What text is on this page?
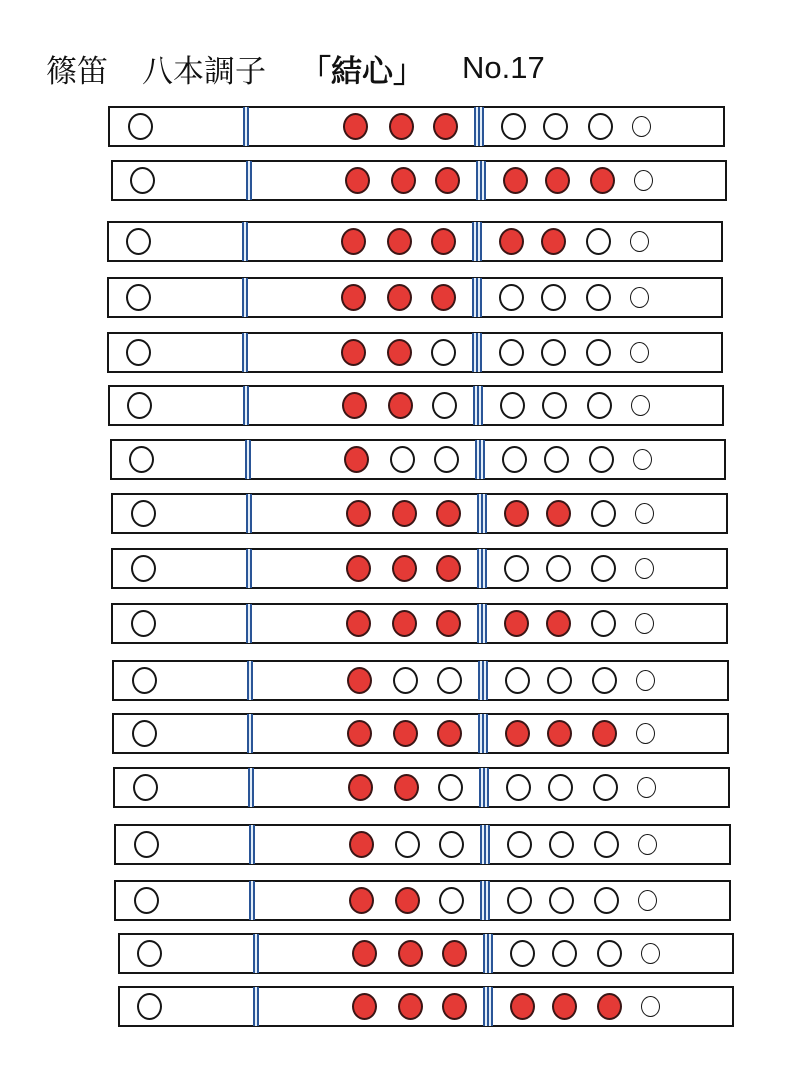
篠笛 八本調子 「結心」 No.17
